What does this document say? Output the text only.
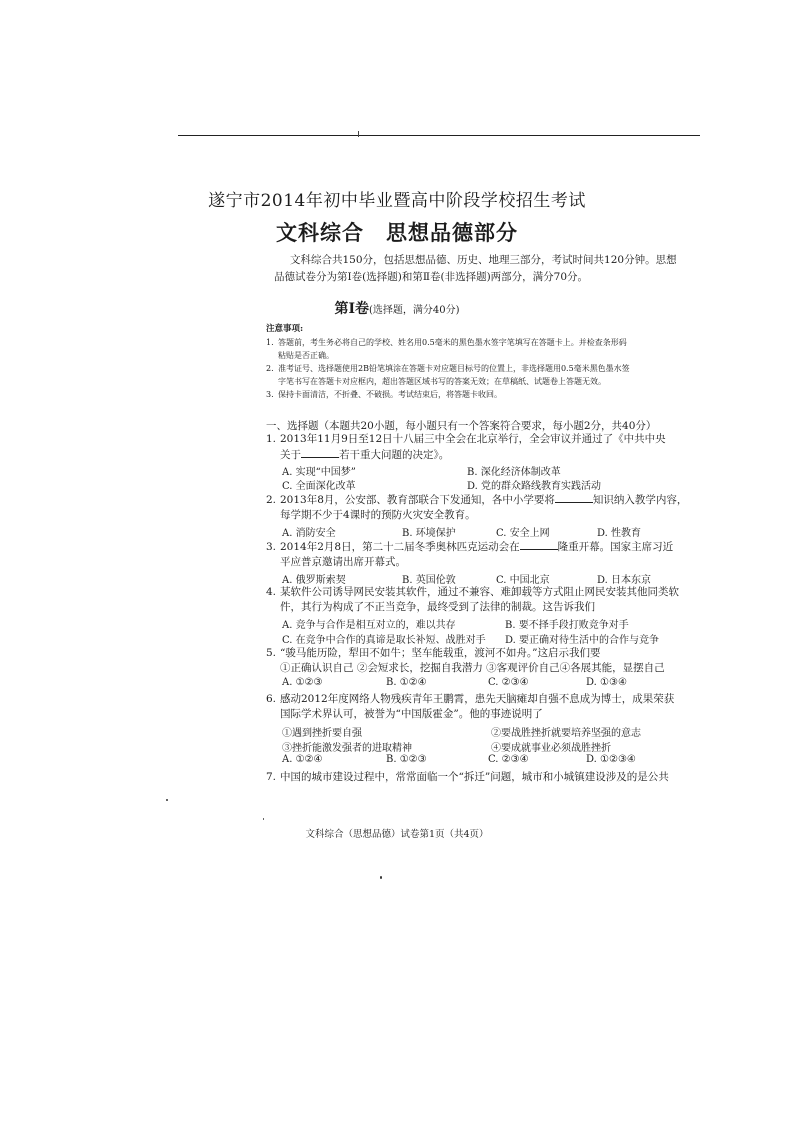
遂宁市2014年初中毕业暨高中阶段学校招生考试
文科综合　思想品德部分
文科综合共150分，包括思想品德、历史、地理三部分，考试时间共120分钟。思想
品德试卷分为第Ⅰ卷(选择题)和第Ⅱ卷(非选择题)两部分，满分70分。
第Ⅰ卷(选择题，满分40分)
注意事项:
1. 答题前，考生务必将自己的学校、姓名用0.5毫米的黑色墨水签字笔填写在答题卡上。并检查条形码
粘贴是否正确。
2. 准考证号、选择题使用2B铅笔填涂在答题卡对应题目标号的位置上，非选择题用0.5毫米黑色墨水签
字笔书写在答题卡对应框内，超出答题区域书写的答案无效；在草稿纸、试题卷上答题无效。
3. 保持卡面清洁，不折叠、不破损。考试结束后，将答题卡收回。
一、选择题（本题共20小题，每小题只有一个答案符合要求，每小题2分，共40分）
1. 2013年11月9日至12日十八届三中全会在北京举行，全会审议并通过了《中共中央
关于	若干重大问题的决定》。
A. 实现“中国梦”	B. 深化经济体制改革
C. 全面深化改革	D. 党的群众路线教育实践活动
2. 2013年8月，公安部、教育部联合下发通知，各中小学要将	知识纳入教学内容，
每学期不少于4课时的预防火灾安全教育。
A. 消防安全	B. 环境保护	C. 安全上网	D. 性教育
3. 2014年2月8日，第二十二届冬季奥林匹克运动会在	隆重开幕。国家主席习近
平应普京邀请出席开幕式。
A. 俄罗斯索契	B. 英国伦敦	C. 中国北京	D. 日本东京
4. 某软件公司诱导网民安装其软件，通过不兼容、难卸载等方式阻止网民安装其他同类软
件，其行为构成了不正当竞争，最终受到了法律的制裁。这告诉我们
A. 竞争与合作是相互对立的，难以共存	B. 要不择手段打败竞争对手
C. 在竞争中合作的真谛是取长补短、战胜对手 D. 要正确对待生活中的合作与竞争
5. “骏马能历险，犁田不如牛；坚车能载重，渡河不如舟。”这启示我们要
①正确认识自己 ②会短求长，挖掘自我潜力 ③客观评价自己④各展其能，显摆自己
A. ①②③	B. ①②④	C. ②③④	D. ①③④
6. 感动2012年度网络人物残疾青年王鹏霄，患先天脑瘫却自强不息成为博士，成果荣获
国际学术界认可，被誉为“中国版霍金”。他的事迹说明了
①遇到挫折要自强	②要战胜挫折就要培养坚强的意志
③挫折能激发强者的进取精神	④要成就事业必须战胜挫折
A. ①②④	B. ①②③	C. ②③④	D. ①②③④
7. 中国的城市建设过程中，常常面临一个“拆迁”问题，城市和小城镇建设涉及的是公共
文科综合（思想品德）试卷第1页（共4页）
